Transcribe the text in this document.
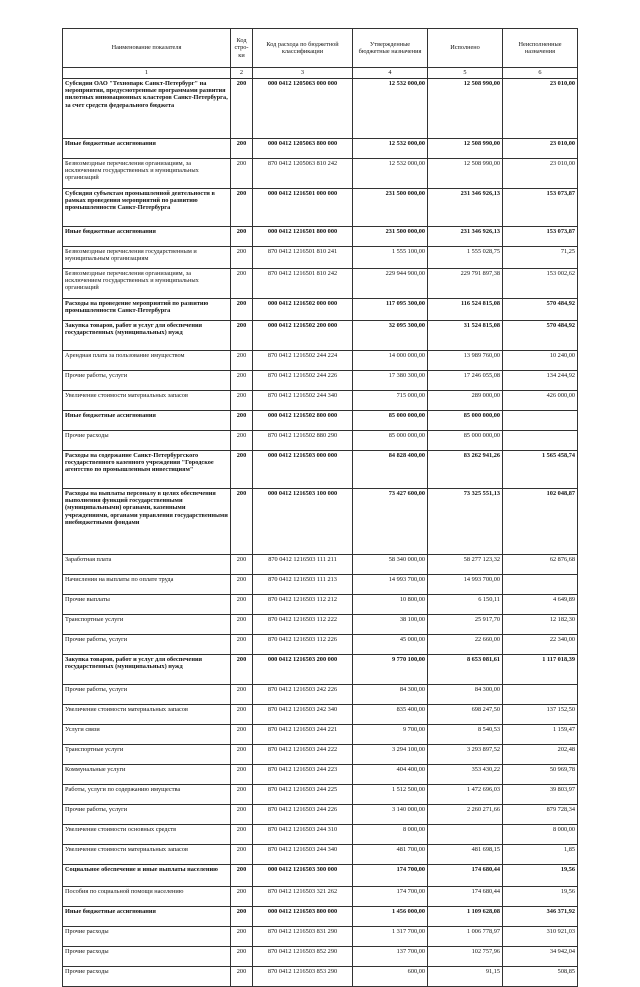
Наименование показателя	Код стро-ки	Код расхода по бюджетной классификации	Утвержденные бюджетные назначения	Исполнено	Неисполненные назначения
1	2	3	4	5	6
Субсидии ОАО "Технопарк Санкт-Петербург" на мероприятия, предусмотренные программами развития пилотных инновационных кластеров Санкт-Петербурга, за счет средств федерального бюджета	200	000 0412 1205063 000 000	12 532 000,00	12 508 990,00	23 010,00
Иные бюджетные ассигнования	200	000 0412 1205063 800 000	12 532 000,00	12 508 990,00	23 010,00
Безвозмездные перечисления организациям, за исключением государственных и муниципальных организаций	200	870 0412 1205063 810 242	12 532 000,00	12 508 990,00	23 010,00
Субсидия субъектам промышленной деятельности в рамках проведения мероприятий по развитию промышленности Санкт-Петербурга	200	000 0412 1216501 000 000	231 500 000,00	231 346 926,13	153 073,87
Иные бюджетные ассигнования	200	000 0412 1216501 800 000	231 500 000,00	231 346 926,13	153 073,87
Безвозмездные перечисления государственным и муниципальным организациям	200	870 0412 1216501 810 241	1 555 100,00	1 555 028,75	71,25
Безвозмездные перечисления организациям, за исключением государственных и муниципальных организаций	200	870 0412 1216501 810 242	229 944 900,00	229 791 897,38	153 002,62
Расходы на проведение мероприятий по развитию промышленности Санкт-Петербурга	200	000 0412 1216502 000 000	117 095 300,00	116 524 815,08	570 484,92
Закупка товаров, работ и услуг для обеспечения государственных (муниципальных) нужд	200	000 0412 1216502 200 000	32 095 300,00	31 524 815,08	570 484,92
Арендная плата за пользование имуществом	200	870 0412 1216502 244 224	14 000 000,00	13 989 760,00	10 240,00
Прочие работы, услуги	200	870 0412 1216502 244 226	17 380 300,00	17 246 055,08	134 244,92
Увеличение стоимости материальных запасов	200	870 0412 1216502 244 340	715 000,00	289 000,00	426 000,00
Иные бюджетные ассигнования	200	000 0412 1216502 800 000	85 000 000,00	85 000 000,00	
Прочие расходы	200	870 0412 1216502 880 290	85 000 000,00	85 000 000,00	
Расходы на содержание Санкт-Петербургского государственного казенного учреждения "Городское агентство по промышленным инвестициям"	200	000 0412 1216503 000 000	84 828 400,00	83 262 941,26	1 565 458,74
Расходы на выплаты персоналу в целях обеспечения выполнения функций государственными (муниципальными) органами, казенными учреждениями, органами управления государственными внебюджетными фондами	200	000 0412 1216503 100 000	73 427 600,00	73 325 551,13	102 048,87
Заработная плата	200	870 0412 1216503 111 211	58 340 000,00	58 277 123,32	62 876,68
Начисления на выплаты по оплате труда	200	870 0412 1216503 111 213	14 993 700,00	14 993 700,00	
Прочие выплаты	200	870 0412 1216503 112 212	10 800,00	6 150,11	4 649,89
Транспортные услуги	200	870 0412 1216503 112 222	38 100,00	25 917,70	12 182,30
Прочие работы, услуги	200	870 0412 1216503 112 226	45 000,00	22 660,00	22 340,00
Закупка товаров, работ и услуг для обеспечения государственных (муниципальных) нужд	200	000 0412 1216503 200 000	9 770 100,00	8 653 081,61	1 117 018,39
Прочие работы, услуги	200	870 0412 1216503 242 226	84 300,00	84 300,00	
Увеличение стоимости материальных запасов	200	870 0412 1216503 242 340	835 400,00	698 247,50	137 152,50
Услуги связи	200	870 0412 1216503 244 221	9 700,00	8 540,53	1 159,47
Транспортные услуги	200	870 0412 1216503 244 222	3 294 100,00	3 293 897,52	202,48
Коммунальные услуги	200	870 0412 1216503 244 223	404 400,00	353 430,22	50 969,78
Работы, услуги по содержанию имущества	200	870 0412 1216503 244 225	1 512 500,00	1 472 696,03	39 803,97
Прочие работы, услуги	200	870 0412 1216503 244 226	3 140 000,00	2 260 271,66	879 728,34
Увеличение стоимости основных средств	200	870 0412 1216503 244 310	8 000,00		8 000,00
Увеличение стоимости материальных запасов	200	870 0412 1216503 244 340	481 700,00	481 698,15	1,85
Социальное обеспечение и иные выплаты населению	200	000 0412 1216503 300 000	174 700,00	174 680,44	19,56
Пособия по социальной помощи населению	200	870 0412 1216503 321 262	174 700,00	174 680,44	19,56
Иные бюджетные ассигнования	200	000 0412 1216503 800 000	1 456 000,00	1 109 628,08	346 371,92
Прочие расходы	200	870 0412 1216503 831 290	1 317 700,00	1 006 778,97	310 921,03
Прочие расходы	200	870 0412 1216503 852 290	137 700,00	102 757,96	34 942,04
Прочие расходы	200	870 0412 1216503 853 290	600,00	91,15	508,85
